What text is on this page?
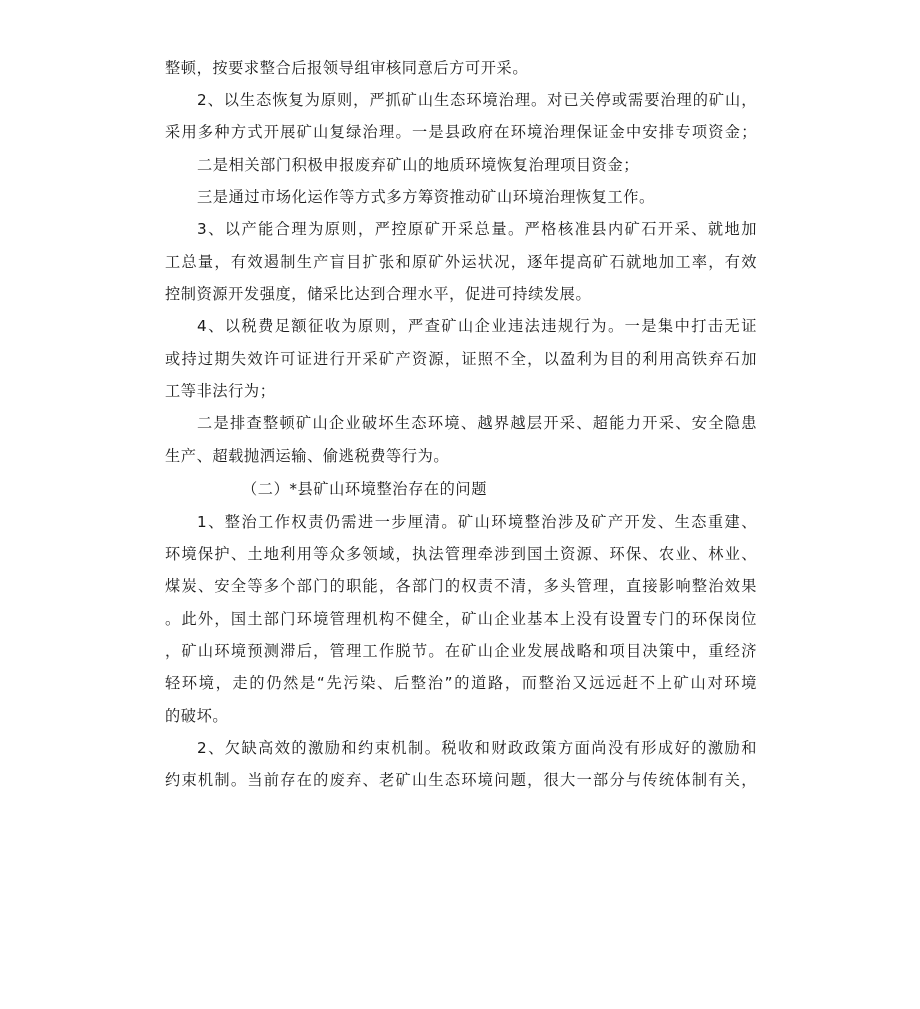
整顿，按要求整合后报领导组审核同意后方可开采。
2、以生态恢复为原则，严抓矿山生态环境治理。对已关停或需要治理的矿山，
采用多种方式开展矿山复绿治理。一是县政府在环境治理保证金中安排专项资金；
二是相关部门积极申报废弃矿山的地质环境恢复治理项目资金；
三是通过市场化运作等方式多方筹资推动矿山环境治理恢复工作。
3、以产能合理为原则，严控原矿开采总量。严格核准县内矿石开采、就地加
工总量，有效遏制生产盲目扩张和原矿外运状况，逐年提高矿石就地加工率，有效
控制资源开发强度，储采比达到合理水平，促进可持续发展。
4、以税费足额征收为原则，严查矿山企业违法违规行为。一是集中打击无证
或持过期失效许可证进行开采矿产资源，证照不全，以盈利为目的利用高铁弃石加
工等非法行为；
二是排查整顿矿山企业破坏生态环境、越界越层开采、超能力开采、安全隐患
生产、超载抛洒运输、偷逃税费等行为。
（二）*县矿山环境整治存在的问题
1、整治工作权责仍需进一步厘清。矿山环境整治涉及矿产开发、生态重建、
环境保护、土地利用等众多领域，执法管理牵涉到国土资源、环保、农业、林业、
煤炭、安全等多个部门的职能，各部门的权责不清，多头管理，直接影响整治效果
。此外，国土部门环境管理机构不健全，矿山企业基本上没有设置专门的环保岗位
，矿山环境预测滞后，管理工作脱节。在矿山企业发展战略和项目决策中，重经济
轻环境，走的仍然是“先污染、后整治”的道路，而整治又远远赶不上矿山对环境
的破坏。
2、欠缺高效的激励和约束机制。税收和财政政策方面尚没有形成好的激励和
约束机制。当前存在的废弃、老矿山生态环境问题，很大一部分与传统体制有关，
